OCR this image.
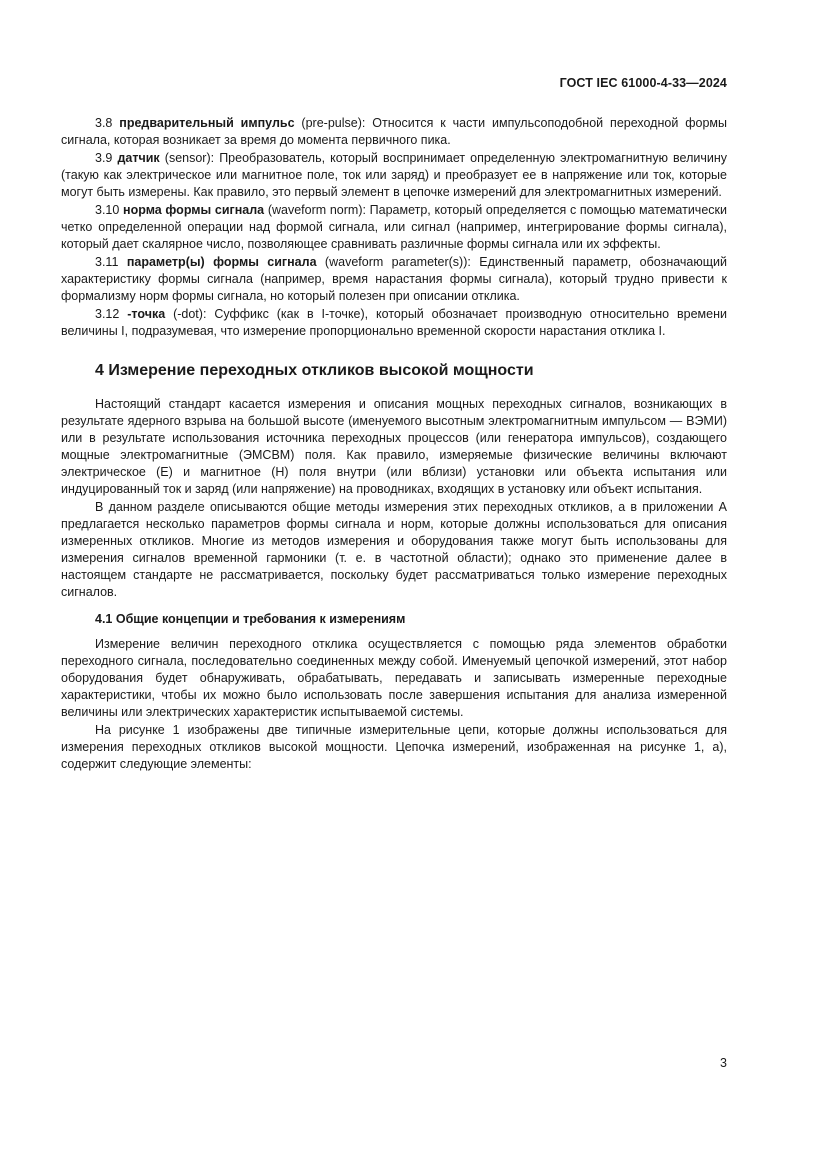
ГОСТ IEC 61000-4-33—2024

3.8 предварительный импульс (pre-pulse): Относится к части импульсоподобной переходной формы сигнала, которая возникает за время до момента первичного пика.

3.9 датчик (sensor): Преобразователь, который воспринимает определенную электромагнитную величину (такую как электрическое или магнитное поле, ток или заряд) и преобразует ее в напряжение или ток, которые могут быть измерены. Как правило, это первый элемент в цепочке измерений для электромагнитных измерений.

3.10 норма формы сигнала (waveform norm): Параметр, который определяется с помощью математически четко определенной операции над формой сигнала, или сигнал (например, интегрирование формы сигнала), который дает скалярное число, позволяющее сравнивать различные формы сигнала или их эффекты.

3.11 параметр(ы) формы сигнала (waveform parameter(s)): Единственный параметр, обозначающий характеристику формы сигнала (например, время нарастания формы сигнала), который трудно привести к формализму норм формы сигнала, но который полезен при описании отклика.

3.12 -точка (-dot): Суффикс (как в I-точке), который обозначает производную относительно времени величины I, подразумевая, что измерение пропорционально временной скорости нарастания отклика I.

4 Измерение переходных откликов высокой мощности

Настоящий стандарт касается измерения и описания мощных переходных сигналов, возникающих в результате ядерного взрыва на большой высоте (именуемого высотным электромагнитным импульсом — ВЭМИ) или в результате использования источника переходных процессов (или генератора импульсов), создающего мощные электромагнитные (ЭМСВМ) поля. Как правило, измеряемые физические величины включают электрическое (E) и магнитное (H) поля внутри (или вблизи) установки или объекта испытания или индуцированный ток и заряд (или напряжение) на проводниках, входящих в установку или объект испытания.

В данном разделе описываются общие методы измерения этих переходных откликов, а в приложении А предлагается несколько параметров формы сигнала и норм, которые должны использоваться для описания измеренных откликов. Многие из методов измерения и оборудования также могут быть использованы для измерения сигналов временной гармоники (т. е. в частотной области); однако это применение далее в настоящем стандарте не рассматривается, поскольку будет рассматриваться только измерение переходных сигналов.

4.1 Общие концепции и требования к измерениям

Измерение величин переходного отклика осуществляется с помощью ряда элементов обработки переходного сигнала, последовательно соединенных между собой. Именуемый цепочкой измерений, этот набор оборудования будет обнаруживать, обрабатывать, передавать и записывать измеренные переходные характеристики, чтобы их можно было использовать после завершения испытания для анализа измеренной величины или электрических характеристик испытываемой системы.

На рисунке 1 изображены две типичные измерительные цепи, которые должны использоваться для измерения переходных откликов высокой мощности. Цепочка измерений, изображенная на рисунке 1, а), содержит следующие элементы:

3
